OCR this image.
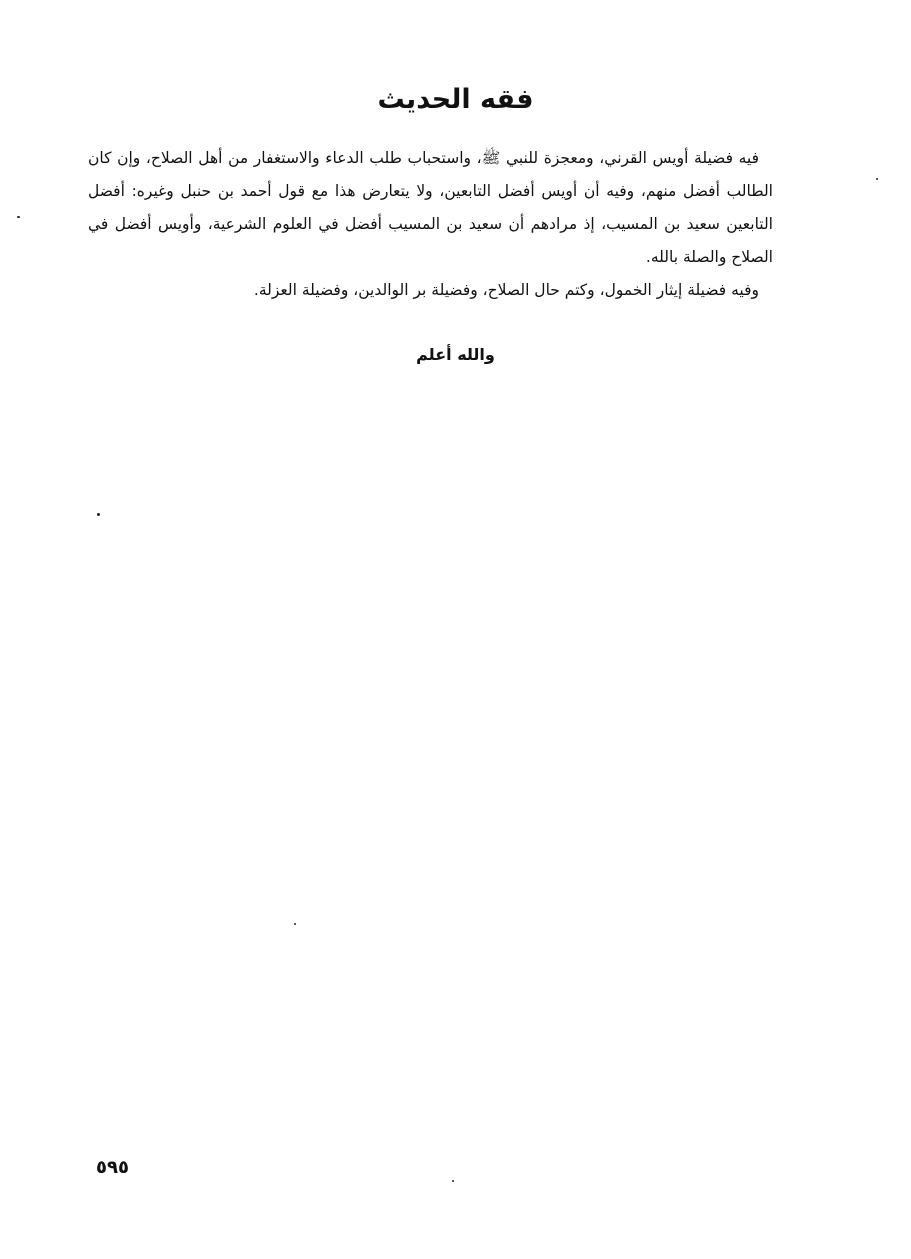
فقه الحديث

فيه فضيلة أويس القرني، ومعجزة للنبي ﷺ، واستحباب طلب الدعاء والاستغفار من أهل الصلاح، وإن كان الطالب أفضل منهم، وفيه أن أويس أفضل التابعين، ولا يتعارض هذا مع قول أحمد بن حنبل وغيره: أفضل التابعين سعيد بن المسيب، إذ مرادهم أن سعيد بن المسيب أفضل في العلوم الشرعية، وأويس أفضل في الصلاح والصلة بالله.

وفيه فضيلة إيثار الخمول، وكتم حال الصلاح، وفضيلة بر الوالدين، وفضيلة العزلة.

والله أعلم
٥٩٥
